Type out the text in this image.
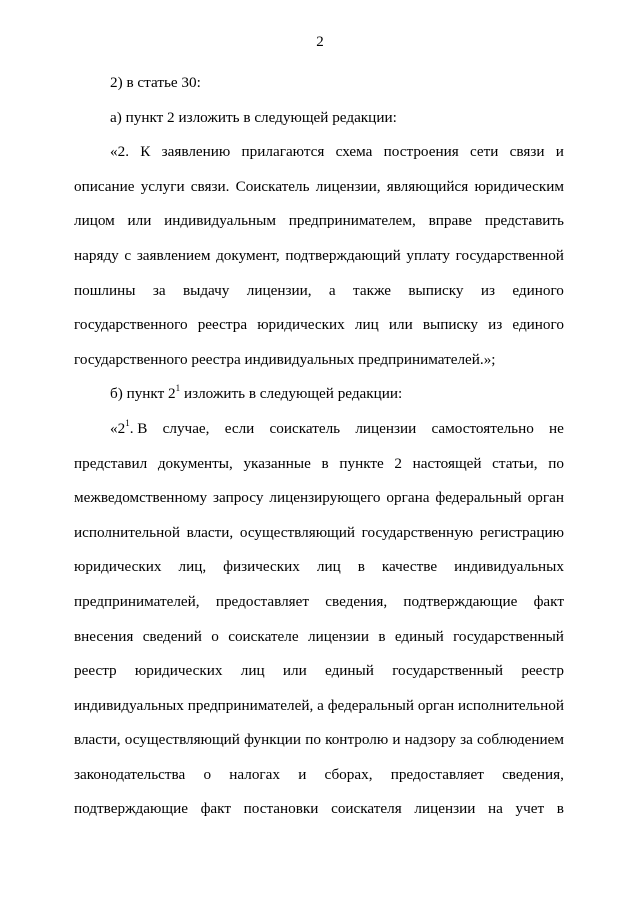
2
2) в статье 30:
а) пункт 2 изложить в следующей редакции:
«2. К заявлению прилагаются схема построения сети связи и
описание услуги связи. Соискатель лицензии, являющийся юридическим
лицом или индивидуальным предпринимателем, вправе представить
наряду с заявлением документ, подтверждающий уплату государственной
пошлины за выдачу лицензии, а также выписку из единого
государственного реестра юридических лиц или выписку из единого
государственного реестра индивидуальных предпринимателей.»;
б) пункт $2^1$ изложить в следующей редакции:
«$2^1$. В случае, если соискатель лицензии самостоятельно не
представил документы, указанные в пункте 2 настоящей статьи, по
межведомственному запросу лицензирующего органа федеральный орган
исполнительной власти, осуществляющий государственную регистрацию
юридических лиц, физических лиц в качестве индивидуальных
предпринимателей, предоставляет сведения, подтверждающие факт
внесения сведений о соискателе лицензии в единый государственный
реестр юридических лиц или единый государственный реестр
индивидуальных предпринимателей, а федеральный орган исполнительной
власти, осуществляющий функции по контролю и надзору за соблюдением
законодательства о налогах и сборах, предоставляет сведения,
подтверждающие факт постановки соискателя лицензии на учет в
